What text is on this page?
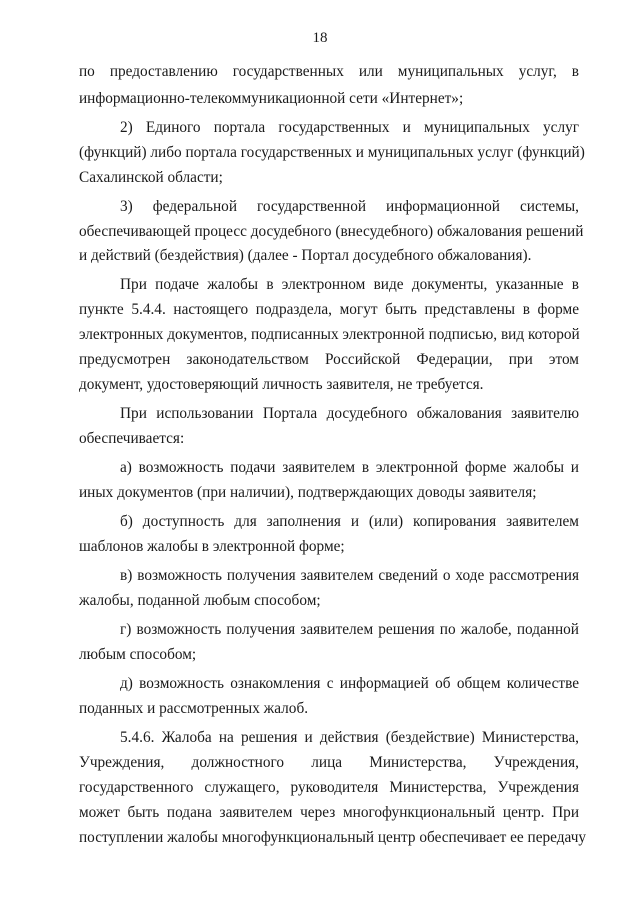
18
по предоставлению государственных или муниципальных услуг, в
информационно-телекоммуникационной сети «Интернет»;
2) Единого портала государственных и муниципальных услуг
(функций) либо портала государственных и муниципальных услуг (функций)
Сахалинской области;
3) федеральной государственной информационной системы,
обеспечивающей процесс досудебного (внесудебного) обжалования решений
и действий (бездействия) (далее - Портал досудебного обжалования).
При подаче жалобы в электронном виде документы, указанные в
пункте 5.4.4. настоящего подраздела, могут быть представлены в форме
электронных документов, подписанных электронной подписью, вид которой
предусмотрен законодательством Российской Федерации, при этом
документ, удостоверяющий личность заявителя, не требуется.
При использовании Портала досудебного обжалования заявителю
обеспечивается:
а) возможность подачи заявителем в электронной форме жалобы и
иных документов (при наличии), подтверждающих доводы заявителя;
б) доступность для заполнения и (или) копирования заявителем
шаблонов жалобы в электронной форме;
в) возможность получения заявителем сведений о ходе рассмотрения
жалобы, поданной любым способом;
г) возможность получения заявителем решения по жалобе, поданной
любым способом;
д) возможность ознакомления с информацией об общем количестве
поданных и рассмотренных жалоб.
5.4.6. Жалоба на решения и действия (бездействие) Министерства,
Учреждения, должностного лица Министерства, Учреждения,
государственного служащего, руководителя Министерства, Учреждения
может быть подана заявителем через многофункциональный центр. При
поступлении жалобы многофункциональный центр обеспечивает ее передачу
